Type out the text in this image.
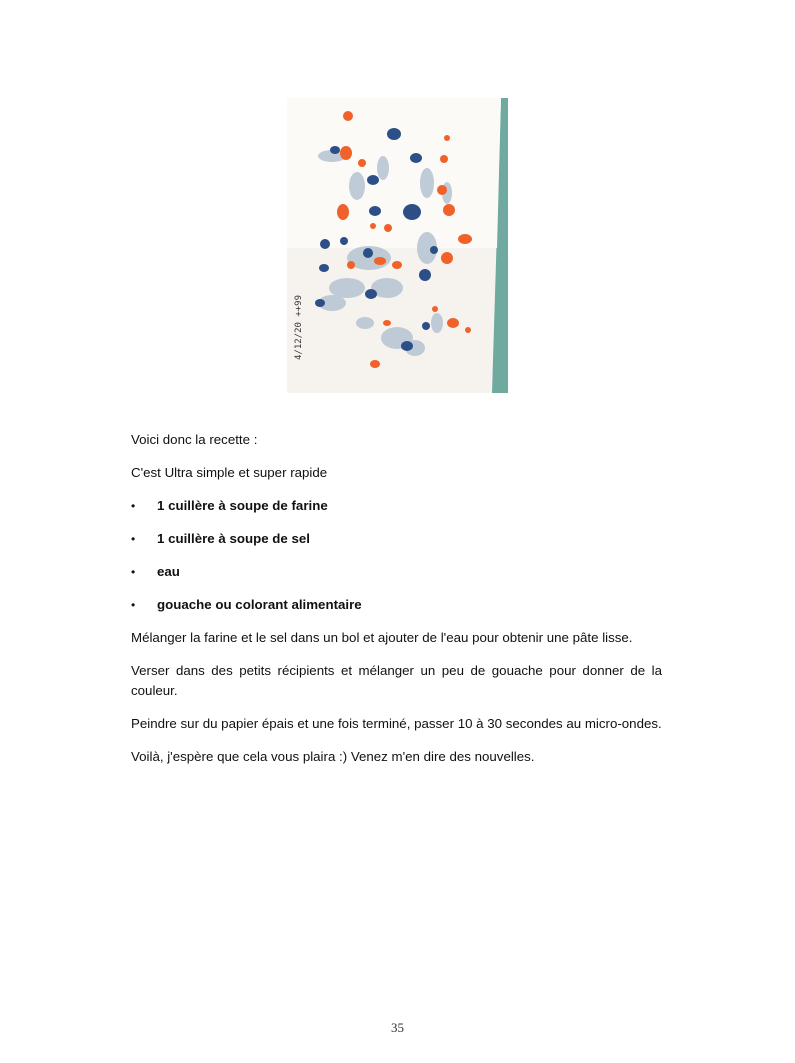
4/12/20 ++99

Voici donc la recette :

C'est Ultra simple et super rapide

• 1 cuillère à soupe de farine
• 1 cuillère à soupe de sel
• eau
• gouache ou colorant alimentaire

Mélanger la farine et le sel dans un bol et ajouter de l'eau pour obtenir une pâte lisse.

Verser dans des petits récipients et mélanger un peu de gouache pour donner de la couleur.

Peindre sur du papier épais et une fois terminé, passer 10 à 30 secondes au micro-ondes.

Voilà, j'espère que cela vous plaira :) Venez m'en dire des nouvelles.

35
